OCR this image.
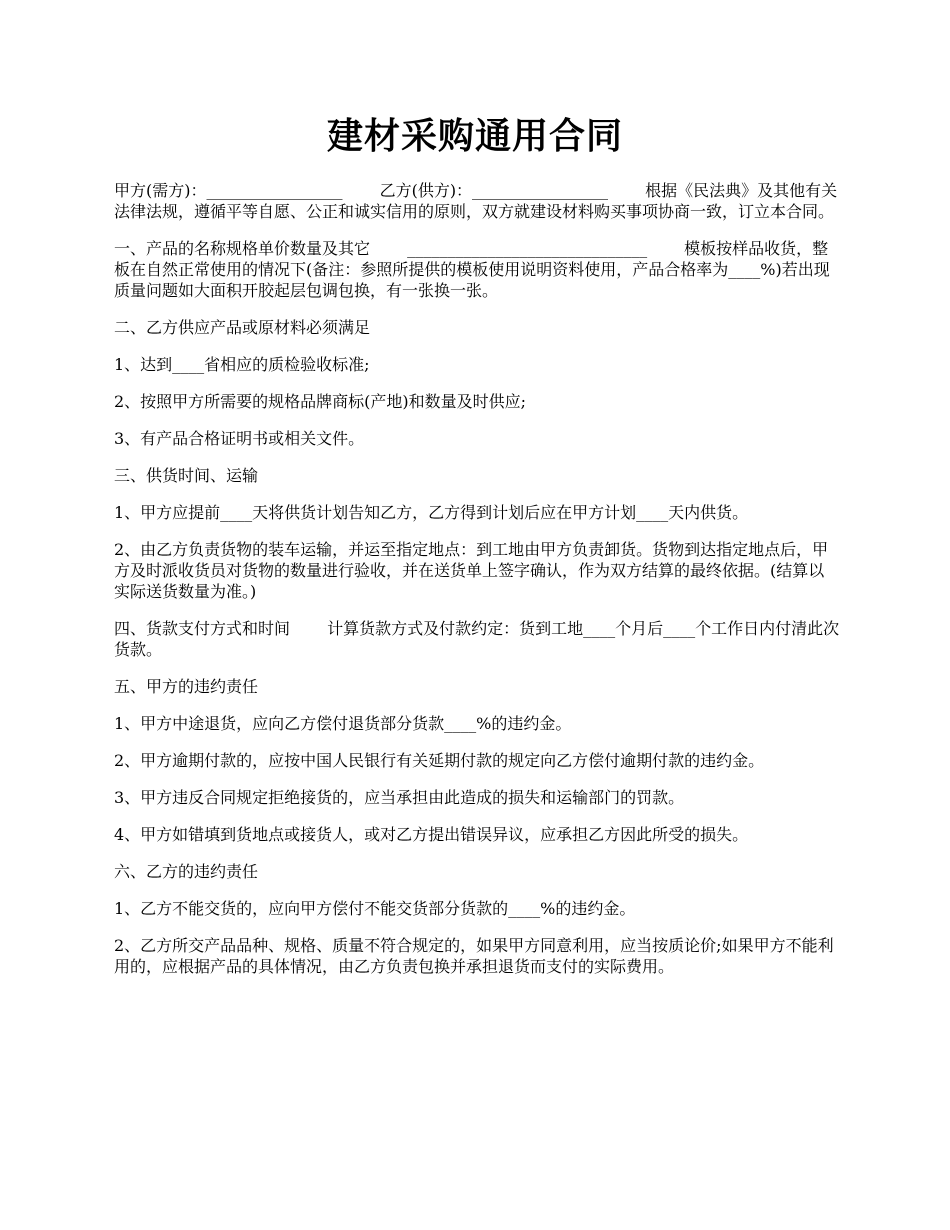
建材采购通用合同

甲方(需方)：_________________　　 乙方(供方)：_________________　　 根据《民法典》及其他有关法律法规，遵循平等自愿、公正和诚实信用的原则，双方就建设材料购买事项协商一致，订立本合同。

一、产品的名称规格单价数量及其它　　 ______________________________　　 模板按样品收货，整板在自然正常使用的情况下(备注：参照所提供的模板使用说明资料使用，产品合格率为____%)若出现质量问题如大面积开胶起层包调包换，有一张换一张。

二、乙方供应产品或原材料必须满足

1、达到____省相应的质检验收标准;

2、按照甲方所需要的规格品牌商标(产地)和数量及时供应;

3、有产品合格证明书或相关文件。

三、供货时间、运输

1、甲方应提前____天将供货计划告知乙方，乙方得到计划后应在甲方计划____天内供货。

2、由乙方负责货物的装车运输，并运至指定地点：到工地由甲方负责卸货。货物到达指定地点后，甲方及时派收货员对货物的数量进行验收，并在送货单上签字确认，作为双方结算的最终依据。(结算以实际送货数量为准。)

四、货款支付方式和时间　　 计算货款方式及付款约定：货到工地____个月后____个工作日内付清此次货款。

五、甲方的违约责任

1、甲方中途退货，应向乙方偿付退货部分货款____%的违约金。

2、甲方逾期付款的，应按中国人民银行有关延期付款的规定向乙方偿付逾期付款的违约金。

3、甲方违反合同规定拒绝接货的，应当承担由此造成的损失和运输部门的罚款。

4、甲方如错填到货地点或接货人，或对乙方提出错误异议，应承担乙方因此所受的损失。

六、乙方的违约责任

1、乙方不能交货的，应向甲方偿付不能交货部分货款的____%的违约金。

2、乙方所交产品品种、规格、质量不符合规定的，如果甲方同意利用，应当按质论价;如果甲方不能利用的，应根据产品的具体情况，由乙方负责包换并承担退货而支付的实际费用。
